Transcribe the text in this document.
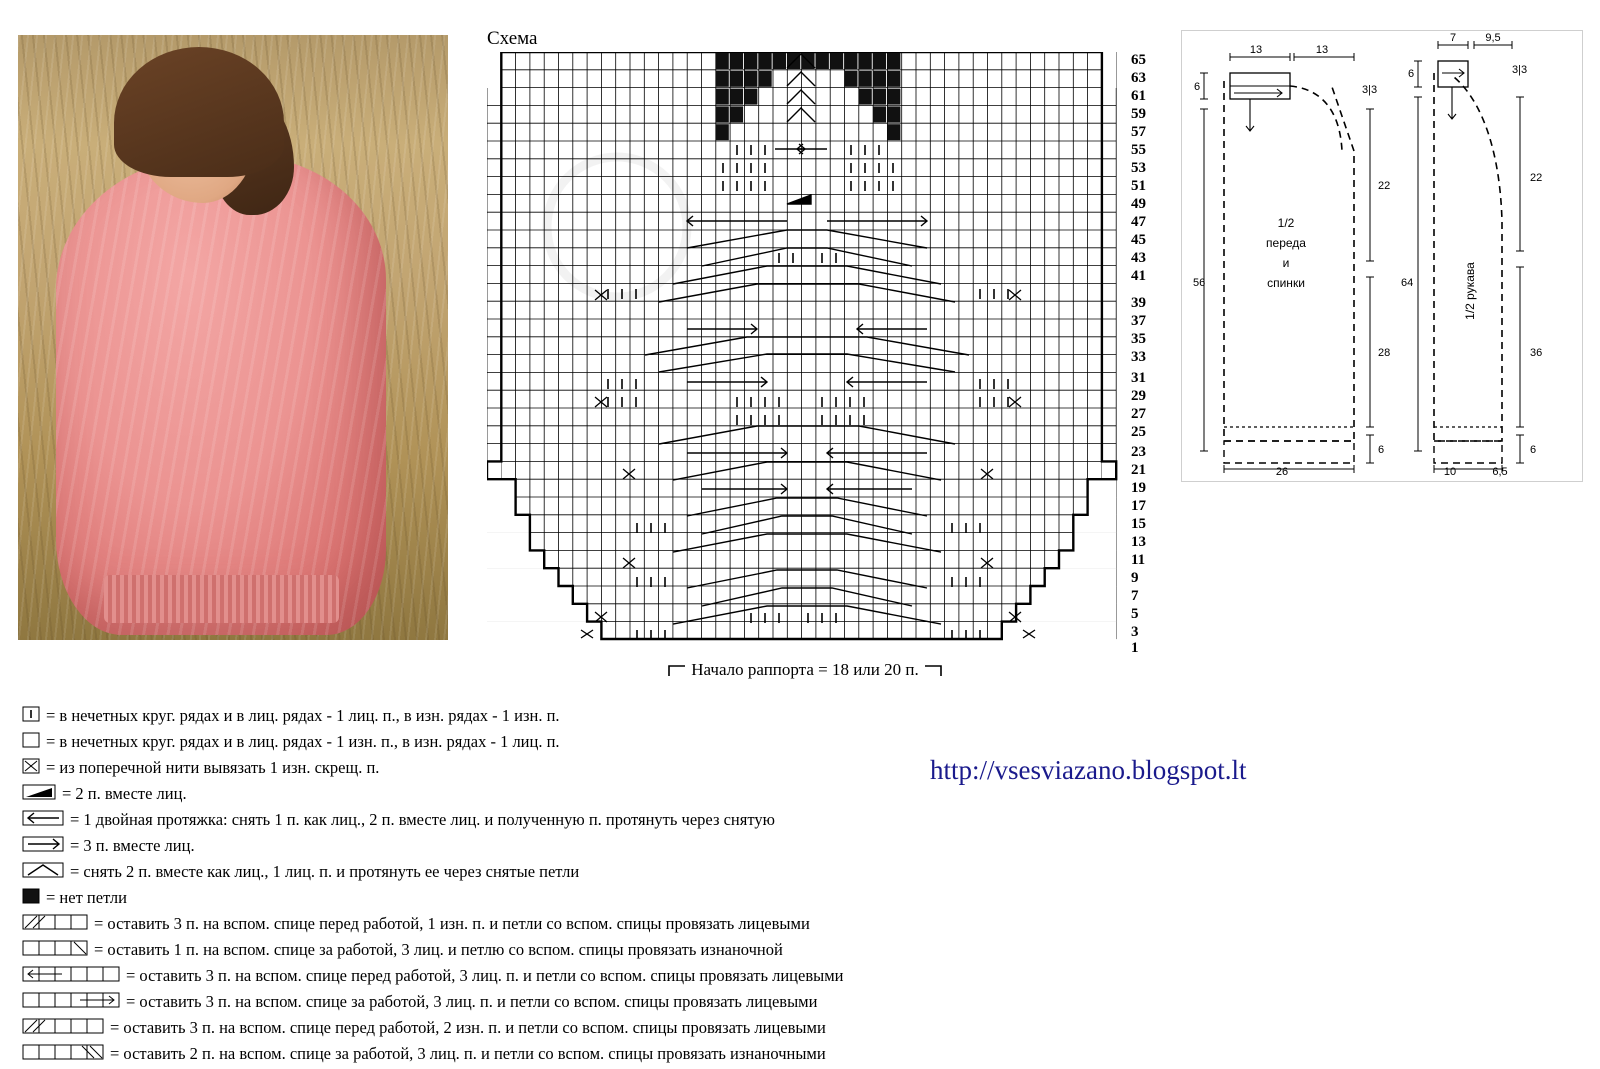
Схема
65
63
61
59
57
55
53
51
49
47
45
43
41
39
37
35
33
31
29
27
25
23
21
19
17
15
13
11
9
7
5
3
1
Начало раппорта = 18 или 20 п.
6
56
26
13	13
3|3
22
28
6
1/2
переда
и
спинки
6
64
7	9,5
3|3
22
36
6
10	6,5
1/2 рукава
= в нечетных круг. рядах и в лиц. рядах - 1 лиц. п., в изн. рядах - 1 изн. п.
= в нечетных круг. рядах и в лиц. рядах - 1 изн. п., в изн. рядах - 1 лиц. п.
= из поперечной нити вывязать 1 изн. скрещ. п.
= 2 п. вместе лиц.
= 1 двойная протяжка: снять 1 п. как лиц., 2 п. вместе лиц. и полученную п. протянуть через снятую
= 3 п. вместе лиц.
= снять 2 п. вместе как лиц., 1 лиц. п. и протянуть ее через снятые петли
= нет петли
= оставить 3 п. на вспом. спице перед работой, 1 изн. п. и петли со вспом. спицы провязать лицевыми
= оставить 1 п. на вспом. спице за работой, 3 лиц. и петлю со вспом. спицы провязать изнаночной
= оставить 3 п. на вспом. спице перед работой, 3 лиц. п. и петли со вспом. спицы провязать лицевыми
= оставить 3 п. на вспом. спице за работой, 3 лиц. п. и петли со вспом. спицы провязать лицевыми
= оставить 3 п. на вспом. спице перед работой, 2 изн. п. и петли со вспом. спицы провязать лицевыми
= оставить 2 п. на вспом. спице за работой, 3 лиц. п. и петли со вспом. спицы провязать изнаночными
http://vsesviazano.blogspot.lt
